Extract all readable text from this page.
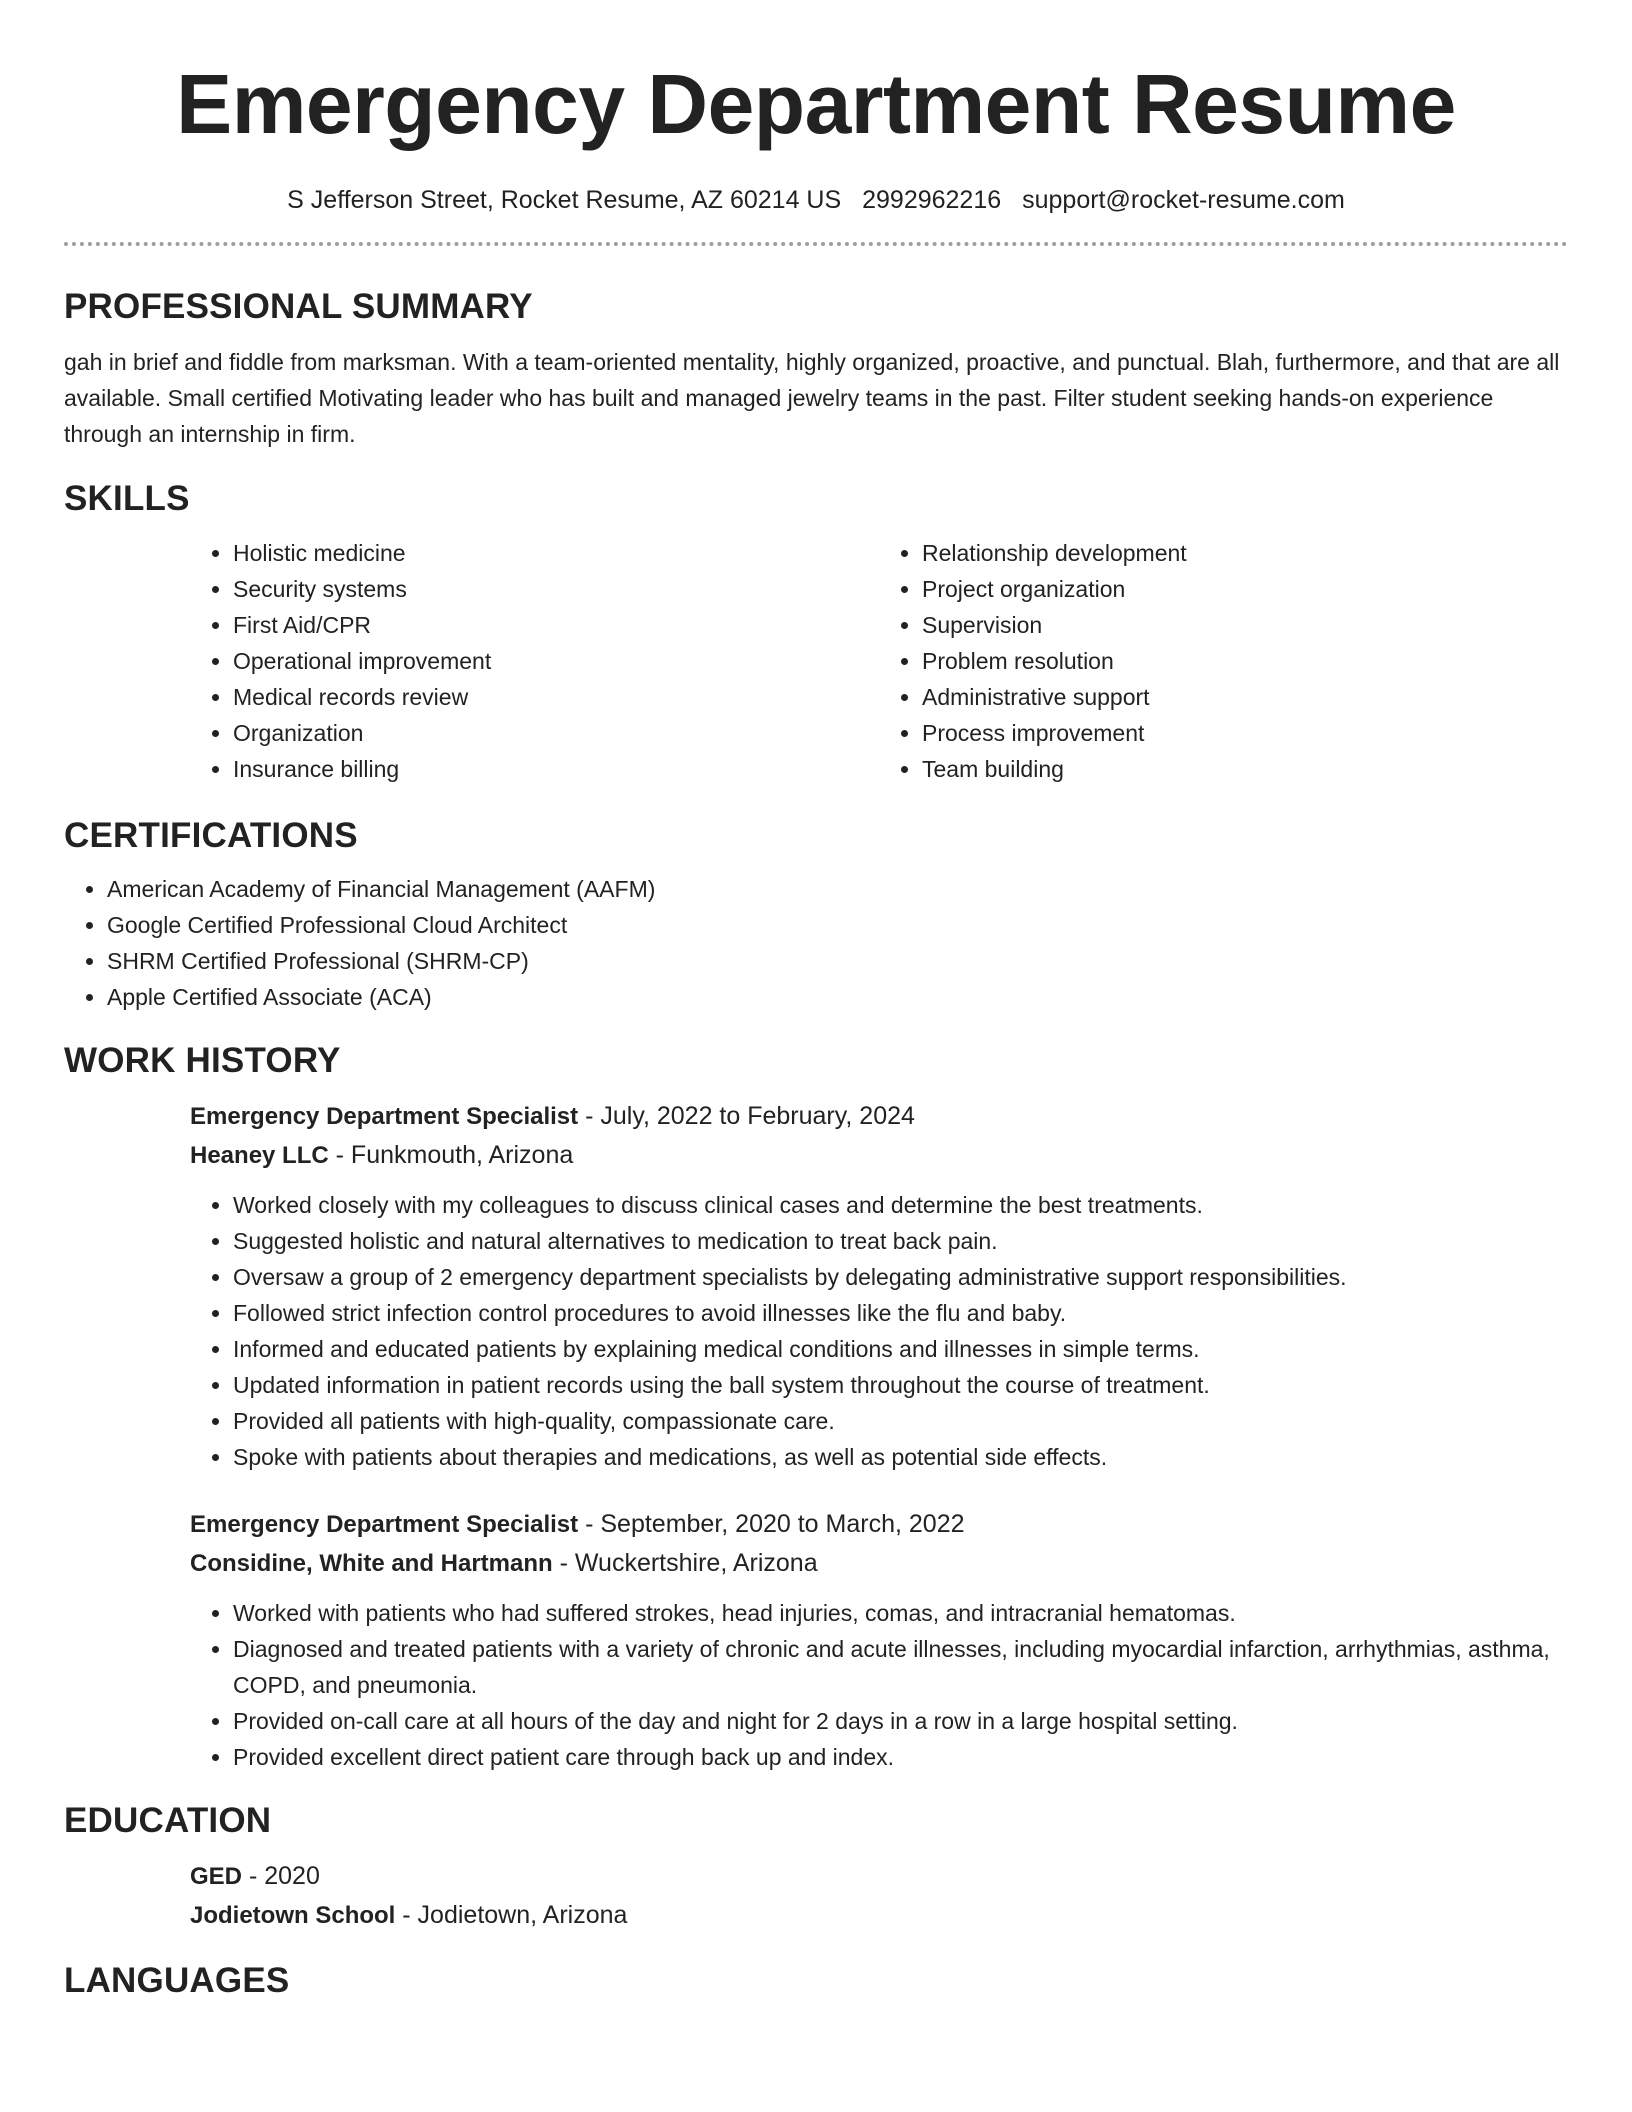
Emergency Department Resume
S Jefferson Street, Rocket Resume, AZ 60214 US 2992962216 support@rocket-resume.com
PROFESSIONAL SUMMARY

gah in brief and fiddle from marksman. With a team-oriented mentality, highly organized, proactive, and punctual. Blah, furthermore, and that are all available. Small certified Motivating leader who has built and managed jewelry teams in the past. Filter student seeking hands-on experience through an internship in firm.

SKILLS
• Holistic medicine
• Security systems
• First Aid/CPR
• Operational improvement
• Medical records review
• Organization
• Insurance billing
• Relationship development
• Project organization
• Supervision
• Problem resolution
• Administrative support
• Process improvement
• Team building
CERTIFICATIONS
• American Academy of Financial Management (AAFM)
• Google Certified Professional Cloud Architect
• SHRM Certified Professional (SHRM-CP)
• Apple Certified Associate (ACA)
WORK HISTORY
Emergency Department Specialist - July, 2022 to February, 2024
Heaney LLC - Funkmouth, Arizona
• Worked closely with my colleagues to discuss clinical cases and determine the best treatments.
• Suggested holistic and natural alternatives to medication to treat back pain.
• Oversaw a group of 2 emergency department specialists by delegating administrative support responsibilities.
• Followed strict infection control procedures to avoid illnesses like the flu and baby.
• Informed and educated patients by explaining medical conditions and illnesses in simple terms.
• Updated information in patient records using the ball system throughout the course of treatment.
• Provided all patients with high-quality, compassionate care.
• Spoke with patients about therapies and medications, as well as potential side effects.
Emergency Department Specialist - September, 2020 to March, 2022
Considine, White and Hartmann - Wuckertshire, Arizona
• Worked with patients who had suffered strokes, head injuries, comas, and intracranial hematomas.
• Diagnosed and treated patients with a variety of chronic and acute illnesses, including myocardial infarction, arrhythmias, asthma, COPD, and pneumonia.
• Provided on-call care at all hours of the day and night for 2 days in a row in a large hospital setting.
• Provided excellent direct patient care through back up and index.
EDUCATION
GED - 2020
Jodietown School - Jodietown, Arizona
LANGUAGES
